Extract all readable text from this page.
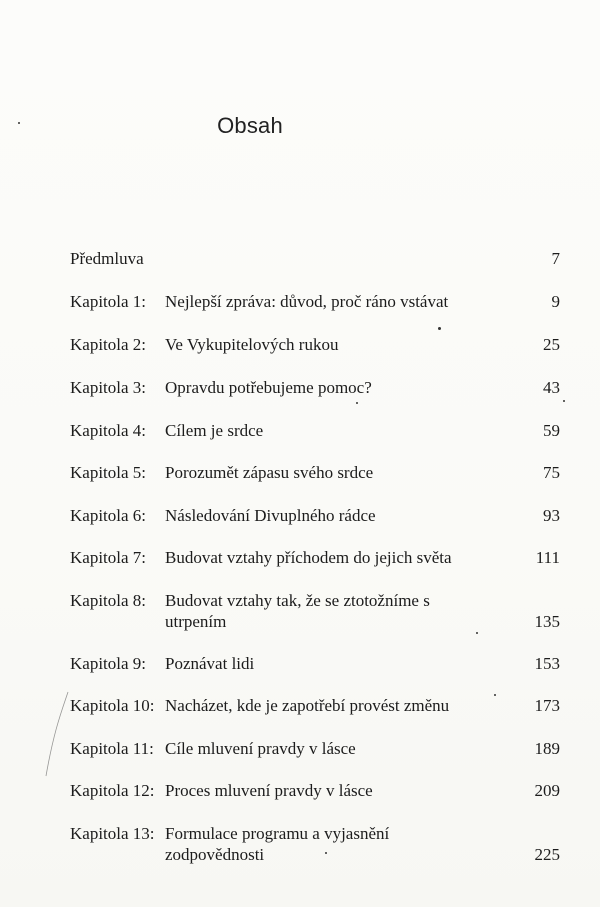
Obsah
Předmluva	7
Kapitola 1: Nejlepší zpráva: důvod, proč ráno vstávat	9
Kapitola 2: Ve Vykupitelových rukou	25
Kapitola 3: Opravdu potřebujeme pomoc?	43
Kapitola 4: Cílem je srdce	59
Kapitola 5: Porozumět zápasu svého srdce	75
Kapitola 6: Následování Divuplného rádce	93
Kapitola 7: Budovat vztahy příchodem do jejich světa	111
Kapitola 8: Budovat vztahy tak, že se ztotožníme s utrpením	135
Kapitola 9: Poznávat lidi	153
Kapitola 10: Nacházet, kde je zapotřebí provést změnu	173
Kapitola 11: Cíle mluvení pravdy v lásce	189
Kapitola 12: Proces mluvení pravdy v lásce	209
Kapitola 13: Formulace programu a vyjasnění zodpovědnosti	225
